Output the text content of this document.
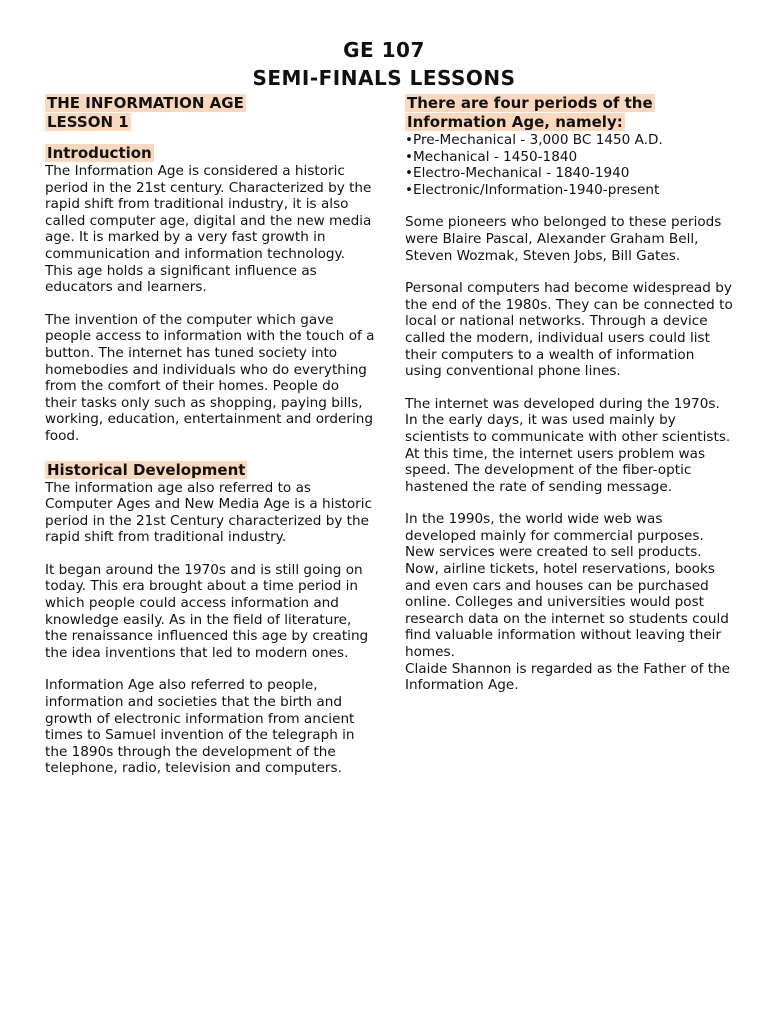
GE 107
SEMI-FINALS LESSONS
THE INFORMATION AGE
LESSON 1
Introduction

The Information Age is considered a historic period in the 21st century. Characterized by the rapid shift from traditional industry, it is also called computer age, digital and the new media age. It is marked by a very fast growth in communication and information technology. This age holds a significant influence as educators and learners.

The invention of the computer which gave people access to information with the touch of a button. The internet has tuned society into homebodies and individuals who do everything from the comfort of their homes. People do their tasks only such as shopping, paying bills, working, education, entertainment and ordering food.

Historical Development

The information age also referred to as Computer Ages and New Media Age is a historic period in the 21st Century characterized by the rapid shift from traditional industry.

It began around the 1970s and is still going on today. This era brought about a time period in which people could access information and knowledge easily. As in the field of literature, the renaissance influenced this age by creating the idea inventions that led to modern ones.

Information Age also referred to people, information and societies that the birth and growth of electronic information from ancient times to Samuel invention of the telegraph in the 1890s through the development of the telephone, radio, television and computers.

There are four periods of the
Information Age, namely:
•Pre-Mechanical - 3,000 BC 1450 A.D.
•Mechanical - 1450-1840
•Electro-Mechanical - 1840-1940
•Electronic/Information-1940-present

Some pioneers who belonged to these periods were Blaire Pascal, Alexander Graham Bell, Steven Wozmak, Steven Jobs, Bill Gates.

Personal computers had become widespread by the end of the 1980s. They can be connected to local or national networks. Through a device called the modern, individual users could list their computers to a wealth of information using conventional phone lines.

The internet was developed during the 1970s. In the early days, it was used mainly by scientists to communicate with other scientists. At this time, the internet users problem was speed. The development of the fiber-optic hastened the rate of sending message.

In the 1990s, the world wide web was developed mainly for commercial purposes. New services were created to sell products. Now, airline tickets, hotel reservations, books and even cars and houses can be purchased online. Colleges and universities would post research data on the internet so students could find valuable information without leaving their homes.

Claide Shannon is regarded as the Father of the Information Age.
